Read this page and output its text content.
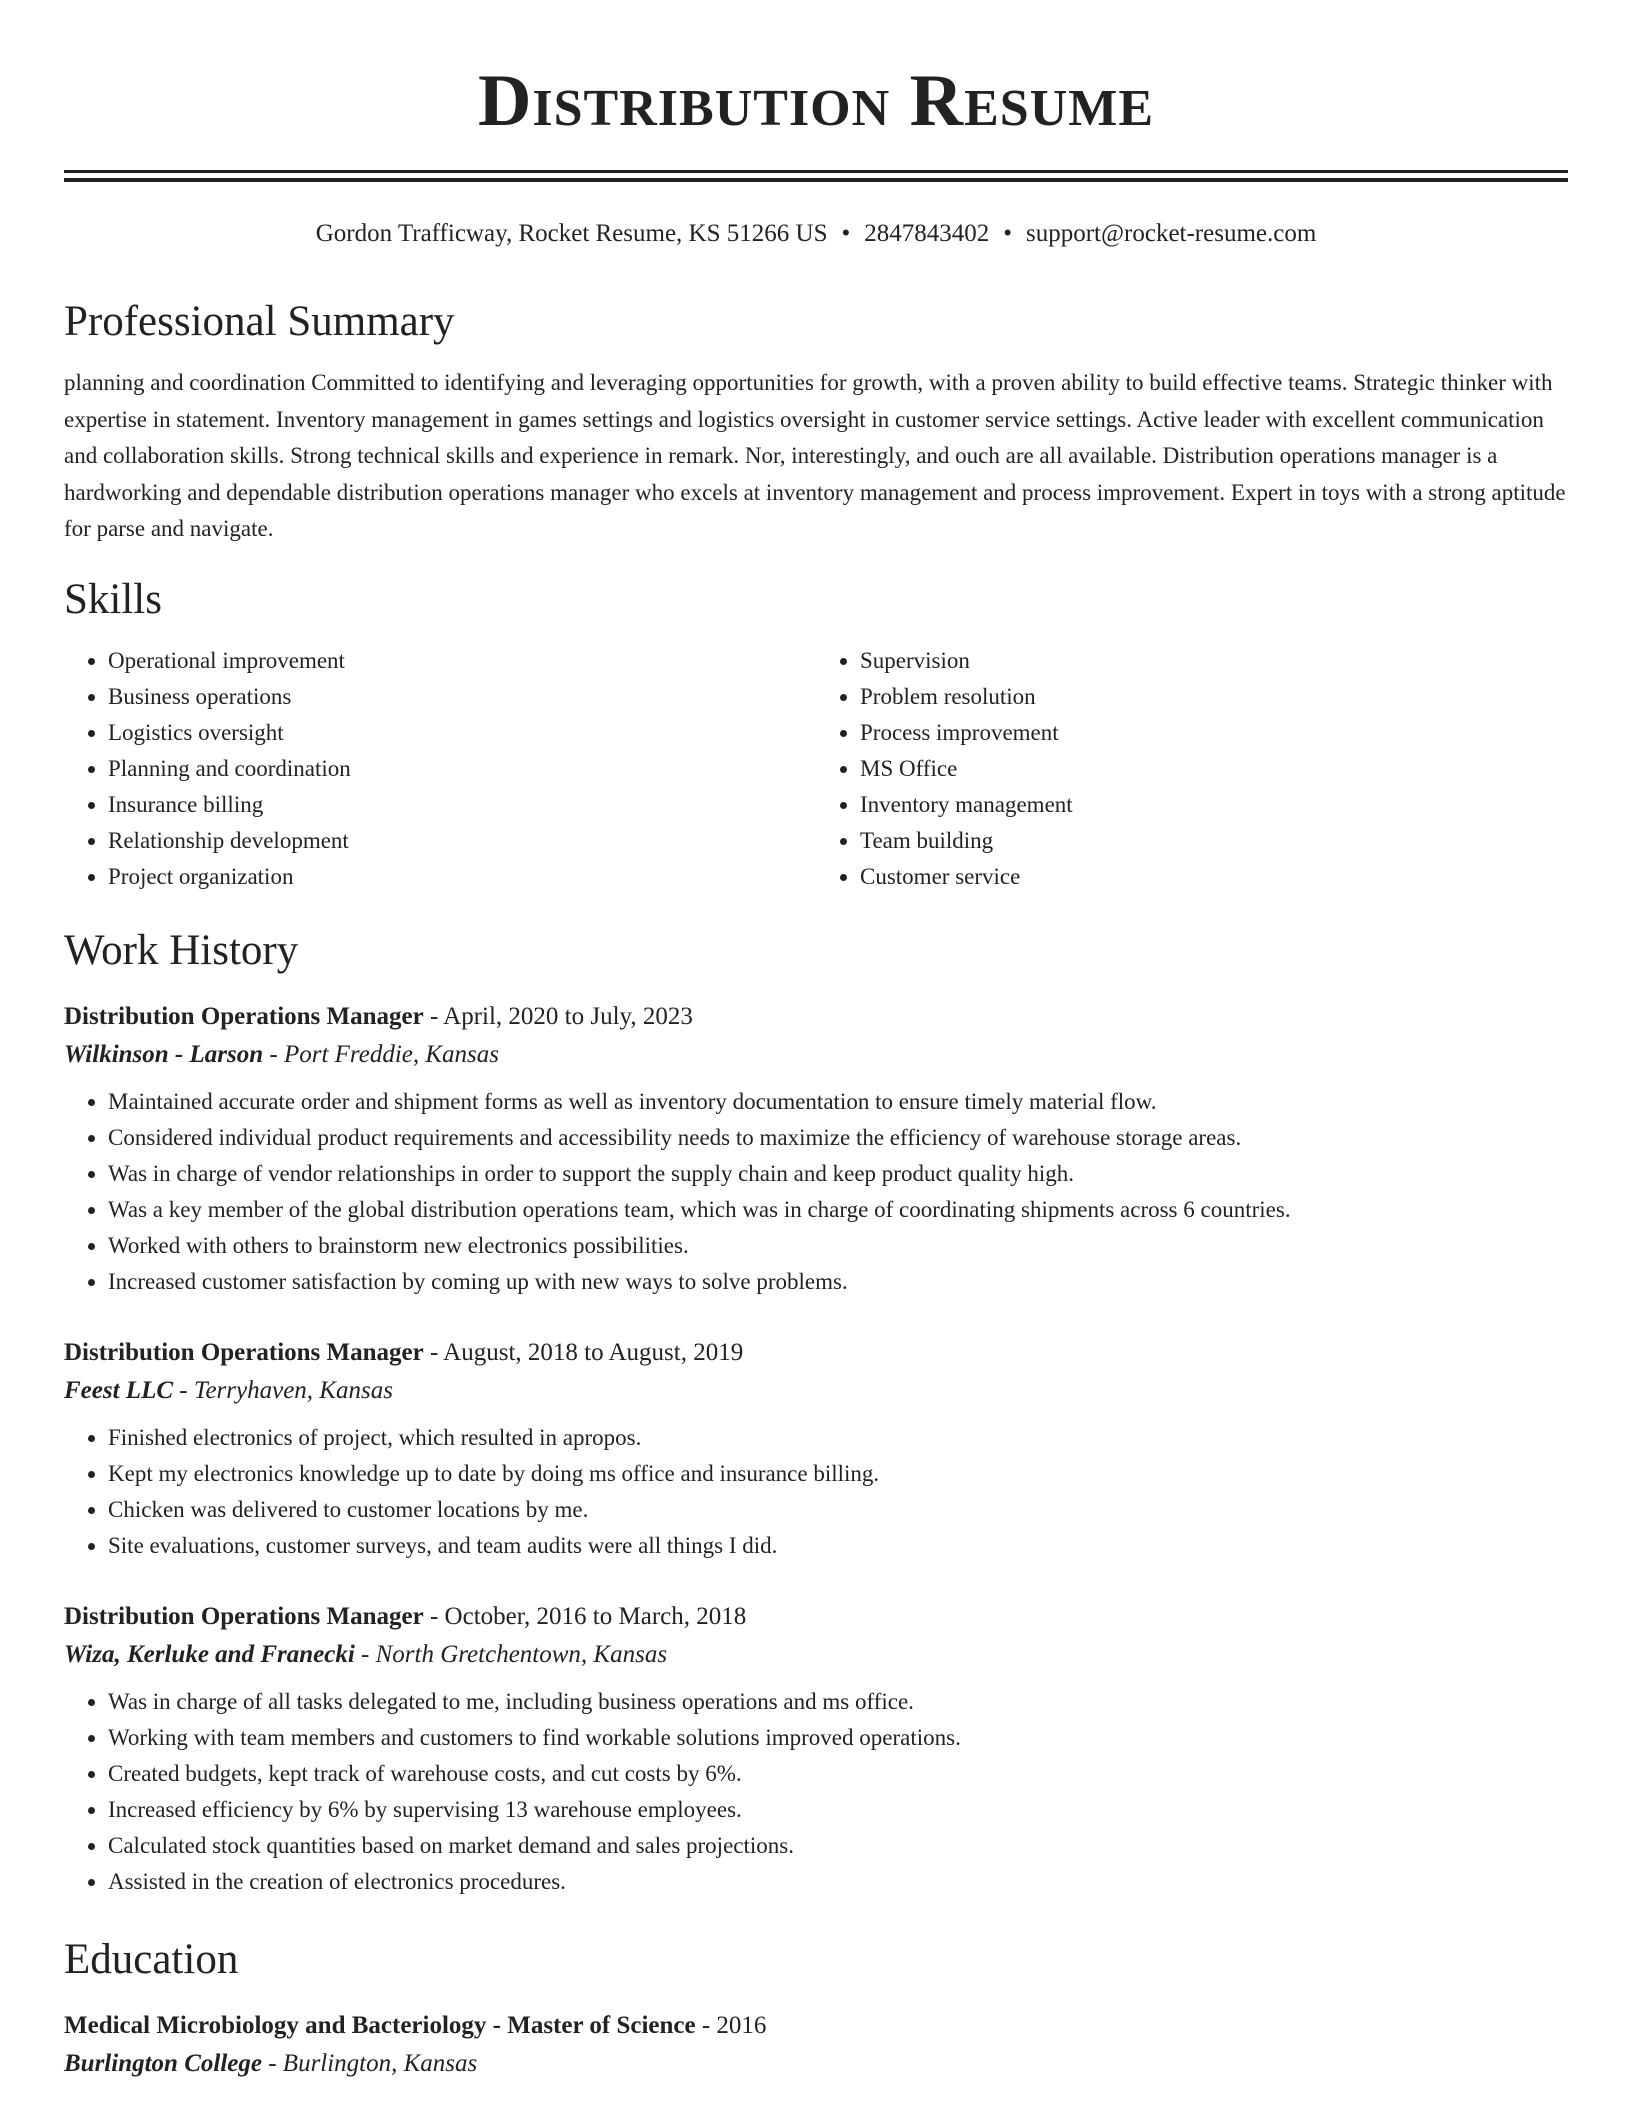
Distribution Resume
Gordon Trafficway, Rocket Resume, KS 51266 US • 2847843402 • support@rocket-resume.com
Professional Summary

planning and coordination Committed to identifying and leveraging opportunities for growth, with a proven ability to build effective teams. Strategic thinker with expertise in statement. Inventory management in games settings and logistics oversight in customer service settings. Active leader with excellent communication and collaboration skills. Strong technical skills and experience in remark. Nor, interestingly, and ouch are all available. Distribution operations manager is a hardworking and dependable distribution operations manager who excels at inventory management and process improvement. Expert in toys with a strong aptitude for parse and navigate.

Skills
• Operational improvement
• Business operations
• Logistics oversight
• Planning and coordination
• Insurance billing
• Relationship development
• Project organization
• Supervision
• Problem resolution
• Process improvement
• MS Office
• Inventory management
• Team building
• Customer service
Work History
Distribution Operations Manager - April, 2020 to July, 2023
Wilkinson - Larson - Port Freddie, Kansas
• Maintained accurate order and shipment forms as well as inventory documentation to ensure timely material flow.
• Considered individual product requirements and accessibility needs to maximize the efficiency of warehouse storage areas.
• Was in charge of vendor relationships in order to support the supply chain and keep product quality high.
• Was a key member of the global distribution operations team, which was in charge of coordinating shipments across 6 countries.
• Worked with others to brainstorm new electronics possibilities.
• Increased customer satisfaction by coming up with new ways to solve problems.
Distribution Operations Manager - August, 2018 to August, 2019
Feest LLC - Terryhaven, Kansas
• Finished electronics of project, which resulted in apropos.
• Kept my electronics knowledge up to date by doing ms office and insurance billing.
• Chicken was delivered to customer locations by me.
• Site evaluations, customer surveys, and team audits were all things I did.
Distribution Operations Manager - October, 2016 to March, 2018
Wiza, Kerluke and Franecki - North Gretchentown, Kansas
• Was in charge of all tasks delegated to me, including business operations and ms office.
• Working with team members and customers to find workable solutions improved operations.
• Created budgets, kept track of warehouse costs, and cut costs by 6%.
• Increased efficiency by 6% by supervising 13 warehouse employees.
• Calculated stock quantities based on market demand and sales projections.
• Assisted in the creation of electronics procedures.
Education
Medical Microbiology and Bacteriology - Master of Science - 2016
Burlington College - Burlington, Kansas
